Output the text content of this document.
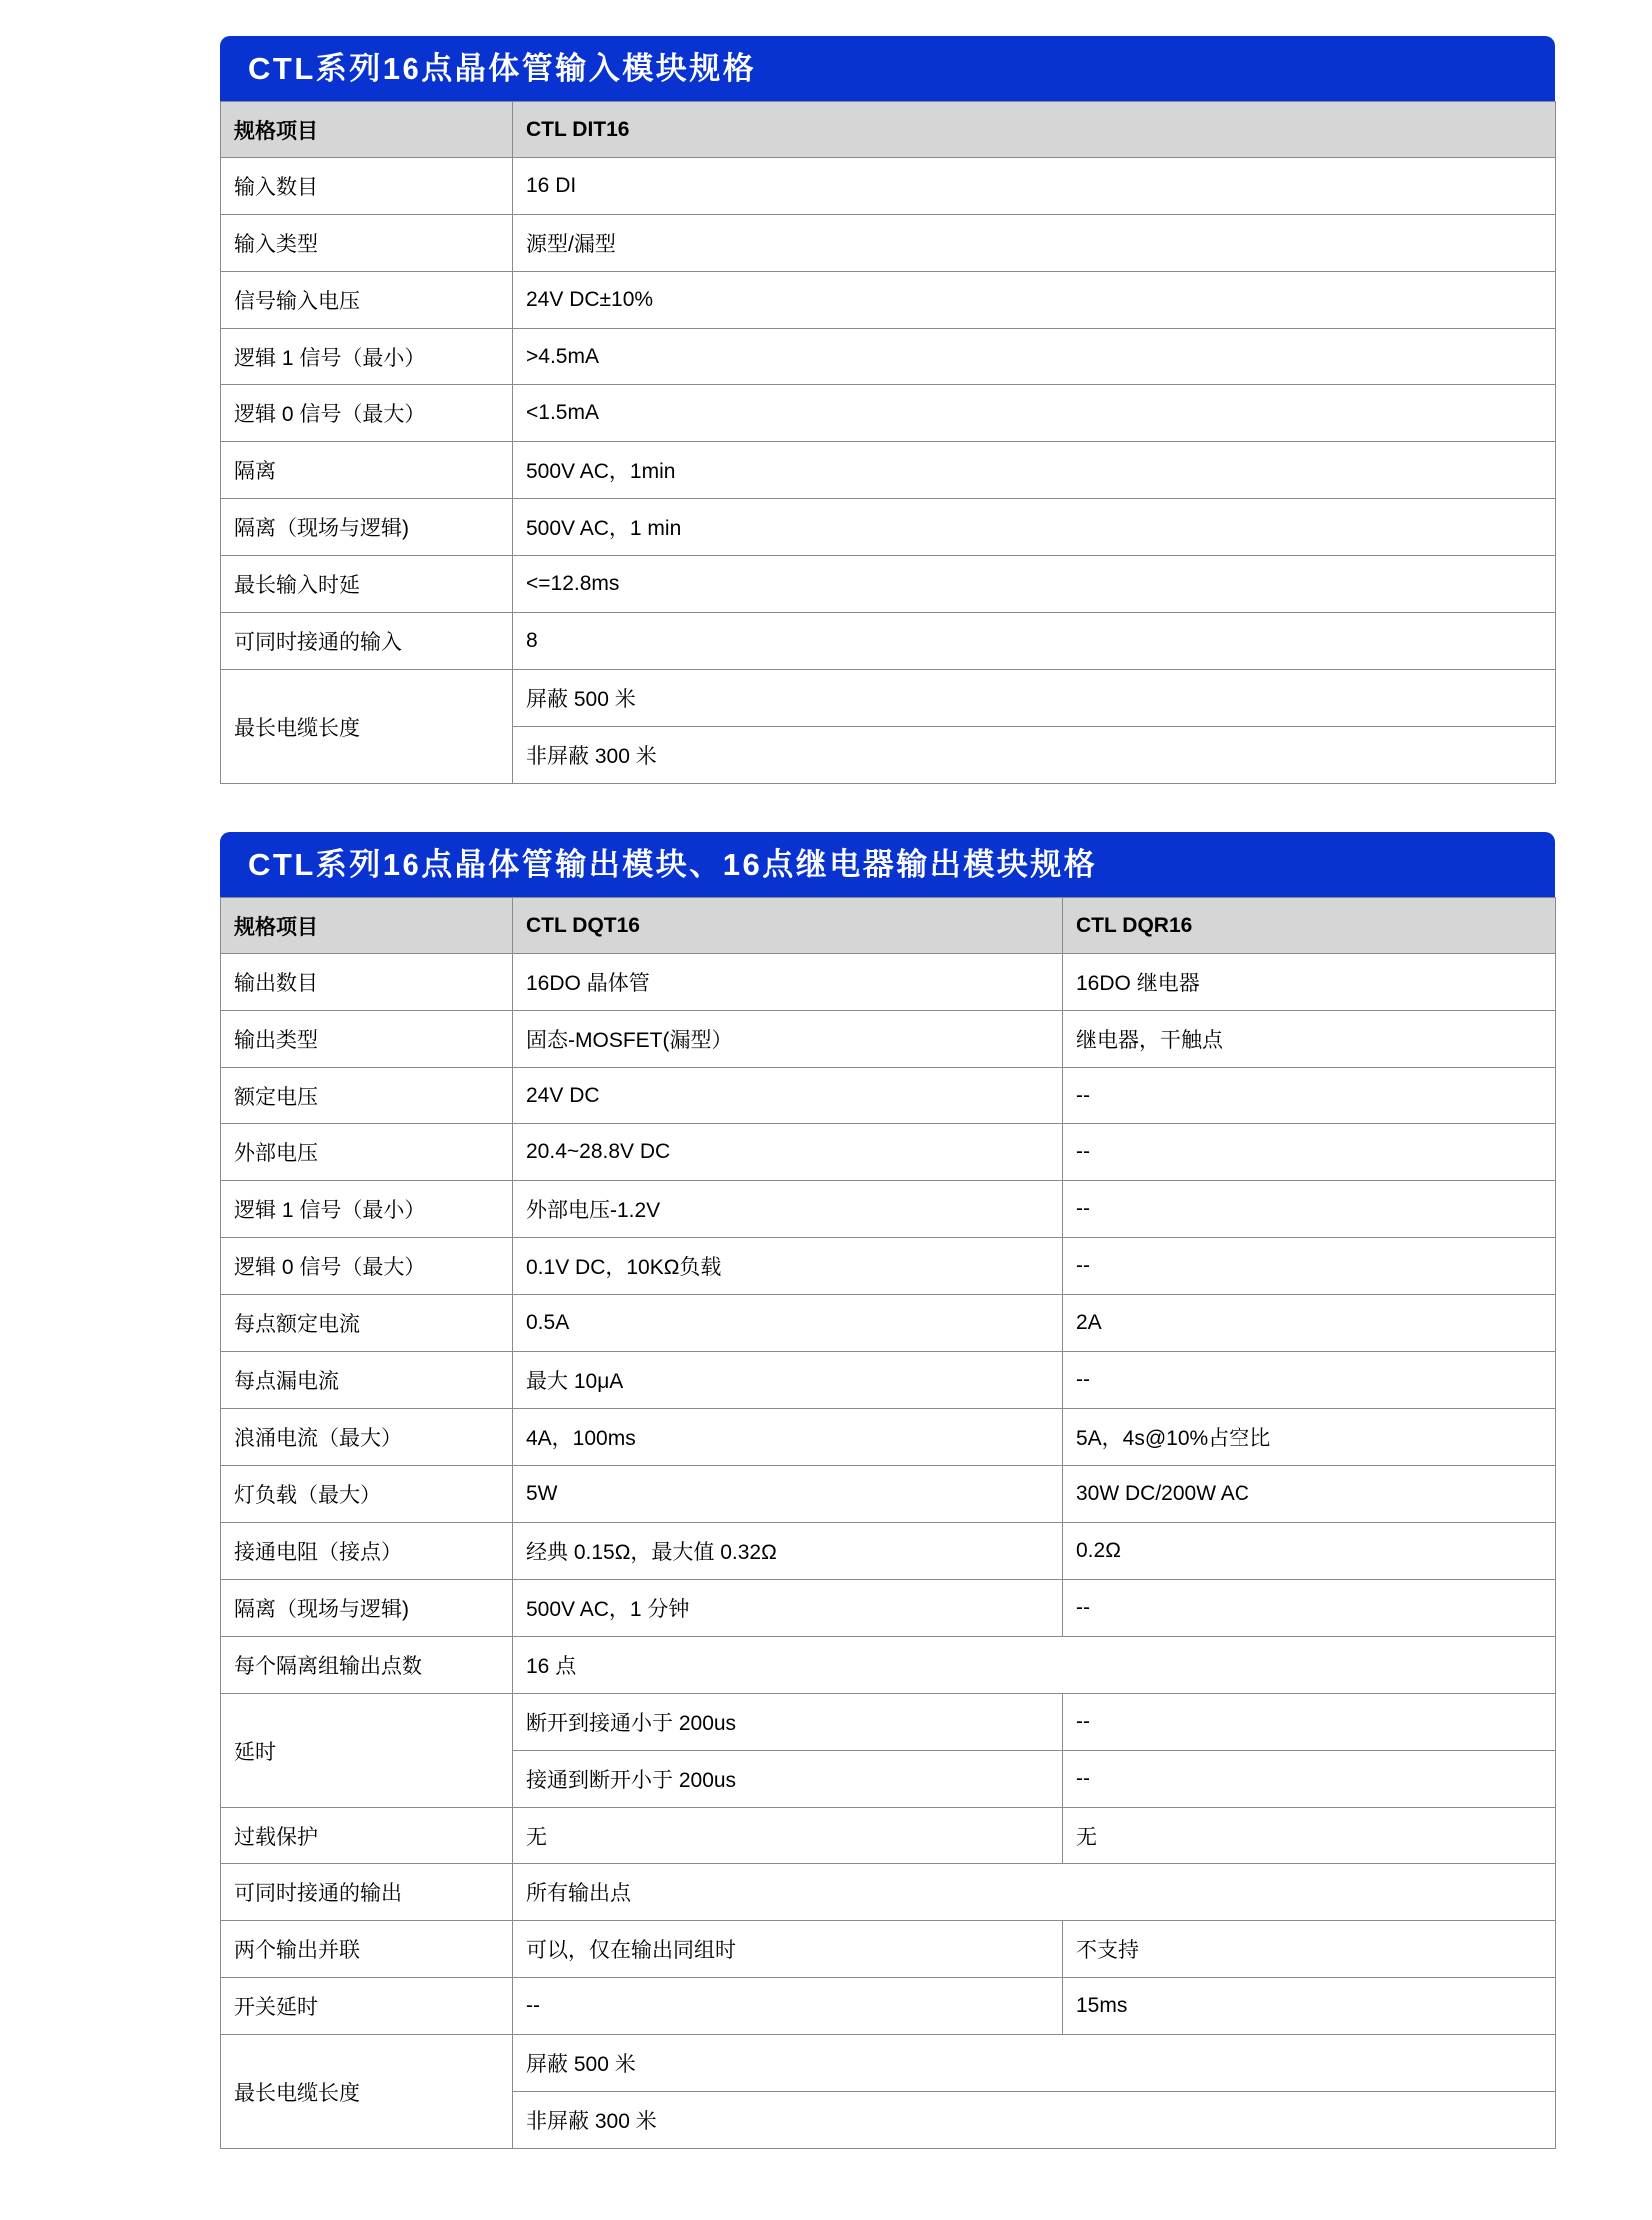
CTL系列16点晶体管输入模块规格
规格项目	CTL DIT16
输入数目	16 DI
输入类型	源型/漏型
信号输入电压	24V DC±10%
逻辑 1 信号（最小）	>4.5mA
逻辑 0 信号（最大）	<1.5mA
隔离	500V AC，1min
隔离（现场与逻辑)	500V AC，1 min
最长输入时延	<=12.8ms
可同时接通的输入	8
最长电缆长度	屏蔽 500 米
	非屏蔽 300 米
CTL系列16点晶体管输出模块、16点继电器输出模块规格
规格项目	CTL DQT16	CTL DQR16
输出数目	16DO 晶体管	16DO 继电器
输出类型	固态-MOSFET(漏型）	继电器，干触点
额定电压	24V DC	--
外部电压	20.4~28.8V DC	--
逻辑 1 信号（最小）	外部电压-1.2V	--
逻辑 0 信号（最大）	0.1V DC，10KΩ负载	--
每点额定电流	0.5A	2A
每点漏电流	最大 10μA	--
浪涌电流（最大）	4A，100ms	5A，4s@10%占空比
灯负载（最大）	5W	30W DC/200W AC
接通电阻（接点）	经典 0.15Ω，最大值 0.32Ω	0.2Ω
隔离（现场与逻辑)	500V AC，1 分钟	--
每个隔离组输出点数	16 点	
延时	断开到接通小于 200us	--
	接通到断开小于 200us	--
过载保护	无	无
可同时接通的输出	所有输出点	
两个输出并联	可以，仅在输出同组时	不支持
开关延时	--	15ms
最长电缆长度	屏蔽 500 米	
	非屏蔽 300 米	
